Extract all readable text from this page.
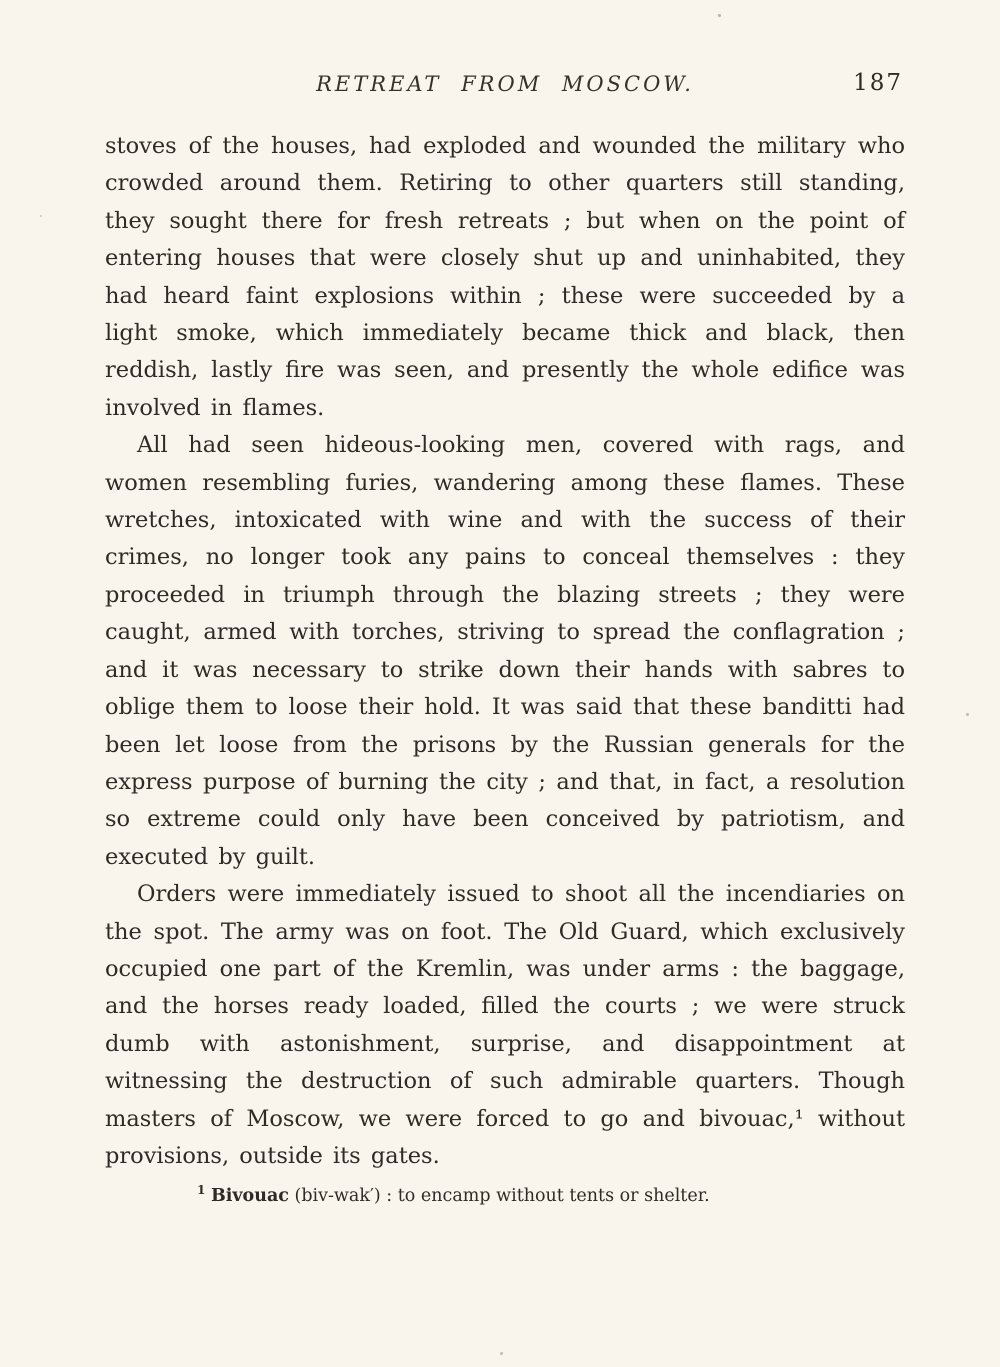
RETREAT FROM MOSCOW.	187

stoves of the houses, had exploded and wounded the military who crowded around them. Retiring to other quarters still standing, they sought there for fresh retreats ; but when on the point of entering houses that were closely shut up and uninhabited, they had heard faint explosions within ; these were succeeded by a light smoke, which immediately became thick and black, then reddish, lastly fire was seen, and presently the whole edifice was involved in flames.

All had seen hideous-looking men, covered with rags, and women resembling furies, wandering among these flames. These wretches, intoxicated with wine and with the success of their crimes, no longer took any pains to conceal themselves : they proceeded in triumph through the blazing streets ; they were caught, armed with torches, striving to spread the conflagration ; and it was necessary to strike down their hands with sabres to oblige them to loose their hold. It was said that these banditti had been let loose from the prisons by the Russian generals for the express purpose of burning the city ; and that, in fact, a resolution so extreme could only have been conceived by patriotism, and executed by guilt.

Orders were immediately issued to shoot all the incendiaries on the spot. The army was on foot. The Old Guard, which exclusively occupied one part of the Kremlin, was under arms : the baggage, and the horses ready loaded, filled the courts ; we were struck dumb with astonishment, surprise, and disappointment at witnessing the destruction of such admirable quarters. Though masters of Moscow, we were forced to go and bivouac,¹ without provisions, outside its gates.

$^1$ Bivouac (biv-wak′) : to encamp without tents or shelter.
